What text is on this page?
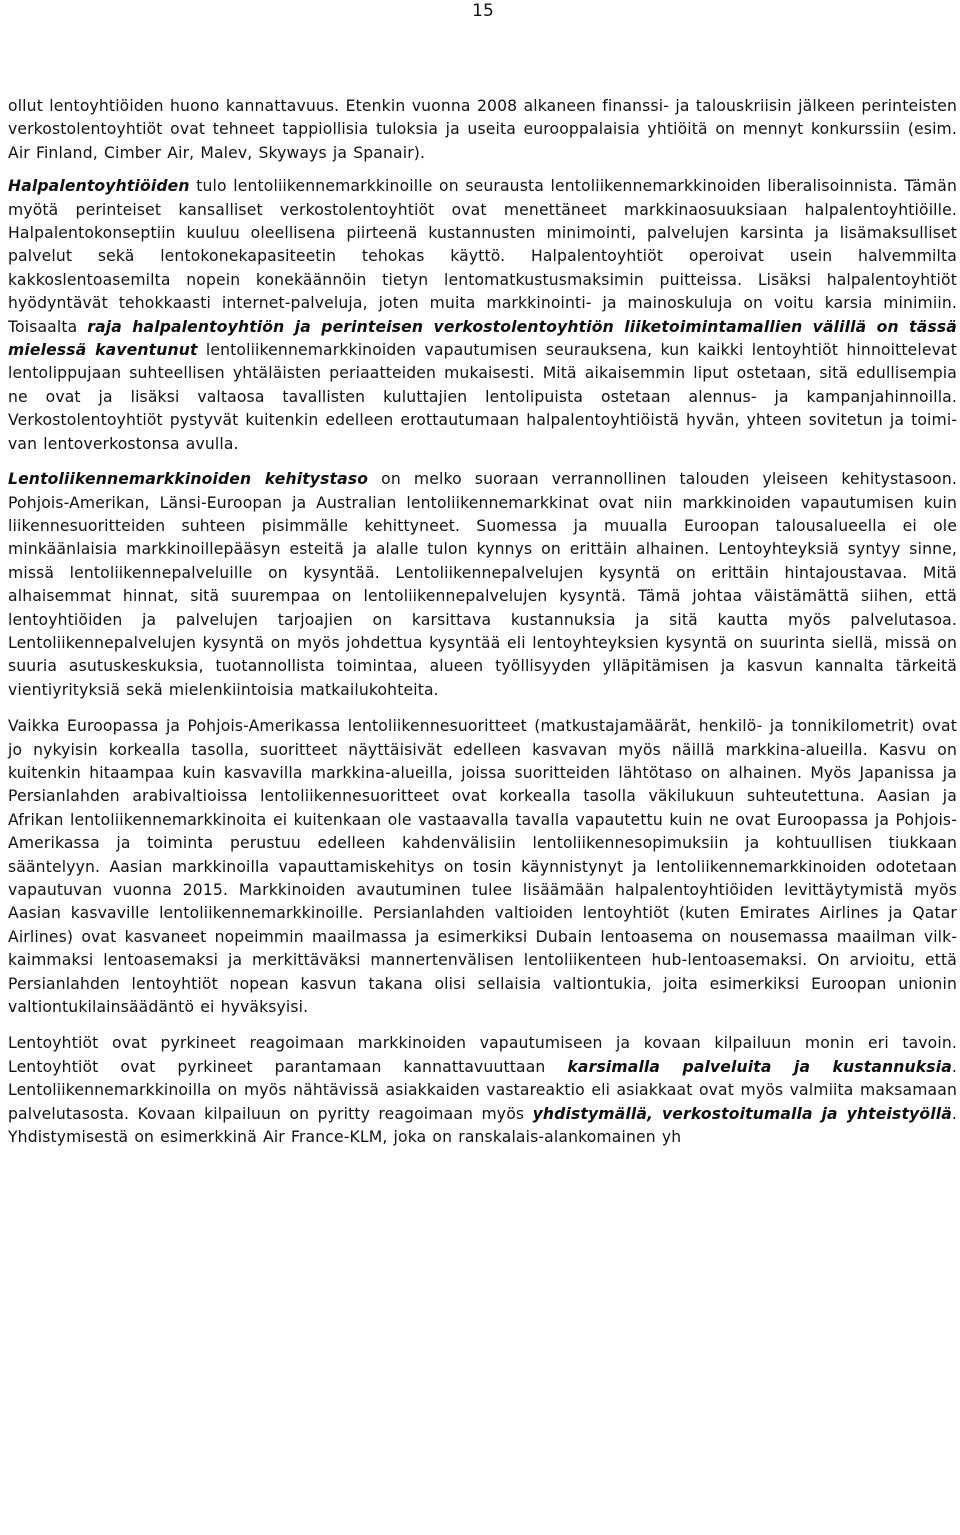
15

ollut lentoyhtiöiden huono kannattavuus. Etenkin vuonna 2008 alkaneen finanssi- ja talouskriisin jälkeen perinteisten verkostolentoyhtiöt ovat tehneet tappiollisia tuloksia ja useita eurooppalaisia yhtiöitä on mennyt konkurssiin (esim. Air Finland, Cimber Air, Malev, Skyways ja Spanair).

Halpalentoyhtiöiden tulo lentoliikennemarkkinoille on seurausta lentoliikennemarkkinoiden liberalisoinnista. Tämän myötä perinteiset kansalliset verkostolentoyhtiöt ovat menettäneet markkinaosuuksiaan halpalentoyhtiöille. Halpalentokonseptiin kuuluu oleellisena piirteenä kustannusten minimointi, palvelujen karsinta ja lisämaksulliset palvelut sekä lentokonekapasiteetin tehokas käyttö. Halpalentoyhtiöt operoivat usein halvemmilta kakkoslentoasemilta nopein konekäännöin tietyn lentomatkustusmaksimin puitteissa. Lisäksi halpalentoyhtiöt hyödyntävät tehokkaasti internet-palveluja, joten muita markkinointi- ja mainoskuluja on voitu karsia minimiin. Toisaalta raja halpalentoyhtiön ja perinteisen verkostolentoyhtiön liiketoimintamallien välillä on tässä mielessä kaventunut lentoliikennemarkkinoiden vapautumisen seurauksena, kun kaikki lentoyhtiöt hinnoittelevat lentolippujaan suhteellisen yhtäläisten periaatteiden mukaisesti. Mitä aikaisemmin liput ostetaan, sitä edullisempia ne ovat ja lisäksi valtaosa tavallisten kuluttajien lentolipuista ostetaan alennus- ja kampanjahinnoilla. Verkostolentoyhtiöt pystyvät kuitenkin edelleen erottautumaan halpalentoyhtiöistä hyvän, yhteen sovitetun ja toimivan lentoverkostonsa avulla.

Lentoliikennemarkkinoiden kehitystaso on melko suoraan verrannollinen talouden yleiseen kehitystasoon. Pohjois-Amerikan, Länsi-Euroopan ja Australian lentoliikennemarkkinat ovat niin markkinoiden vapautumisen kuin liikennesuoritteiden suhteen pisimmälle kehittyneet. Suomessa ja muualla Euroopan talousalueella ei ole minkäänlaisia markkinoillepääsyn esteitä ja alalle tulon kynnys on erittäin alhainen. Lentoyhteyksiä syntyy sinne, missä lentoliikennepalveluille on kysyntää. Lentoliikennepalvelujen kysyntä on erittäin hintajoustavaa. Mitä alhaisemmat hinnat, sitä suurempaa on lentoliikennepalvelujen kysyntä. Tämä johtaa väistämättä siihen, että lentoyhtiöiden ja palvelujen tarjoajien on karsittava kustannuksia ja sitä kautta myös palvelutasoa. Lentoliikennepalvelujen kysyntä on myös johdettua kysyntää eli lentoyhteyksien kysyntä on suurinta siellä, missä on suuria asutuskeskuksia, tuotannollista toimintaa, alueen työllisyyden ylläpitämisen ja kasvun kannalta tärkeitä vientiyrityksiä sekä mielenkiintoisia matkailukohteita.

Vaikka Euroopassa ja Pohjois-Amerikassa lentoliikennesuoritteet (matkustajamäärät, henkilö- ja tonnikilometrit) ovat jo nykyisin korkealla tasolla, suoritteet näyttäisivät edelleen kasvavan myös näillä markkina-alueilla. Kasvu on kuitenkin hitaampaa kuin kasvavilla markkina-alueilla, joissa suoritteiden lähtötaso on alhainen. Myös Japanissa ja Persianlahden arabivaltioissa lentoliikennesuoritteet ovat korkealla tasolla väkilukuun suhteutettuna. Aasian ja Afrikan lentoliikennemarkkinoita ei kuitenkaan ole vastaavalla tavalla vapautettu kuin ne ovat Euroopassa ja Pohjois-Amerikassa ja toiminta perustuu edelleen kahdenvälisiin lentoliikennesopimuksiin ja kohtuullisen tiukkaan sääntelyyn. Aasian markkinoilla vapauttamiskehitys on tosin käynnistynyt ja lentoliikennemarkkinoiden odotetaan vapautuvan vuonna 2015. Markkinoiden avautuminen tulee lisäämään halpalentoyhtiöiden levittäytymistä myös Aasian kasvaville lentoliikennemarkkinoille. Persianlahden valtioiden lentoyhtiöt (kuten Emirates Airlines ja Qatar Airlines) ovat kasvaneet nopeimmin maailmassa ja esimerkiksi Dubain lentoasema on nousemassa maailman vilkkaimmaksi lentoasemaksi ja merkittäväksi mannertenvälisen lentoliikenteen hub-lentoasemaksi. On arvioitu, että Persianlahden lentoyhtiöt nopean kasvun takana olisi sellaisia valtiontukia, joita esimerkiksi Euroopan unionin valtiontukilainsäädäntö ei hyväksyisi.

Lentoyhtiöt ovat pyrkineet reagoimaan markkinoiden vapautumiseen ja kovaan kilpailuun monin eri tavoin. Lentoyhtiöt ovat pyrkineet parantamaan kannattavuuttaan karsimalla palveluita ja kustannuksia. Lentoliikennemarkkinoilla on myös nähtävissä asiakkaiden vastareaktio eli asiakkaat ovat myös valmiita maksamaan palvelutasosta. Kovaan kilpailuun on pyritty reagoimaan myös yhdistymällä, verkostoitumalla ja yhteistyöllä. Yhdistymisestä on esimerkkinä Air France-KLM, joka on ranskalais-alankomainen yh
